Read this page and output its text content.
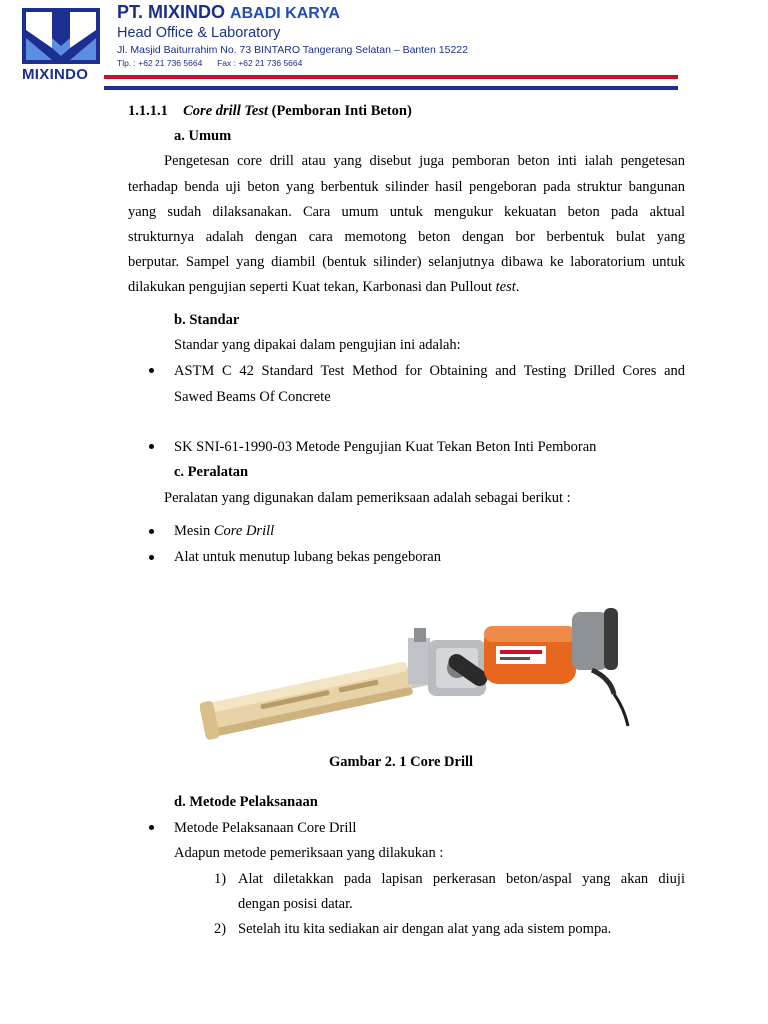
MIXINDO
PT. MIXINDO ABADI KARYA
Head Office & Laboratory
Jl. Masjid Baiturrahim No. 73 BINTARO Tangerang Selatan – Banten 15222
Tlp. : +62 21 736 5664 Fax : +62 21 736 5664
1.1.1.1 Core drill Test (Pemboran Inti Beton)
a. Umum
Pengetesan core drill atau yang disebut juga pemboran beton inti ialah pengetesan
terhadap benda uji beton yang berbentuk silinder hasil pengeboran pada struktur bangunan
yang sudah dilaksanakan. Cara umum untuk mengukur kekuatan beton pada aktual
strukturnya adalah dengan cara memotong beton dengan bor berbentuk bulat yang
berputar. Sampel yang diambil (bentuk silinder) selanjutnya dibawa ke laboratorium untuk
dilakukan pengujian seperti Kuat tekan, Karbonasi dan Pullout test.
b. Standar
Standar yang dipakai dalam pengujian ini adalah:
ASTM C 42 Standard Test Method for Obtaining and Testing Drilled Cores and
Sawed Beams Of Concrete
SK SNI-61-1990-03 Metode Pengujian Kuat Tekan Beton Inti Pemboran
c. Peralatan
Peralatan yang digunakan dalam pemeriksaan adalah sebagai berikut :
Mesin Core Drill
Alat untuk menutup lubang bekas pengeboran
Gambar 2. 1 Core Drill
d. Metode Pelaksanaan
Metode Pelaksanaan Core Drill
Adapun metode pemeriksaan yang dilakukan :
1) Alat diletakkan pada lapisan perkerasan beton/aspal yang akan diuji
dengan posisi datar.
2) Setelah itu kita sediakan air dengan alat yang ada sistem pompa.
